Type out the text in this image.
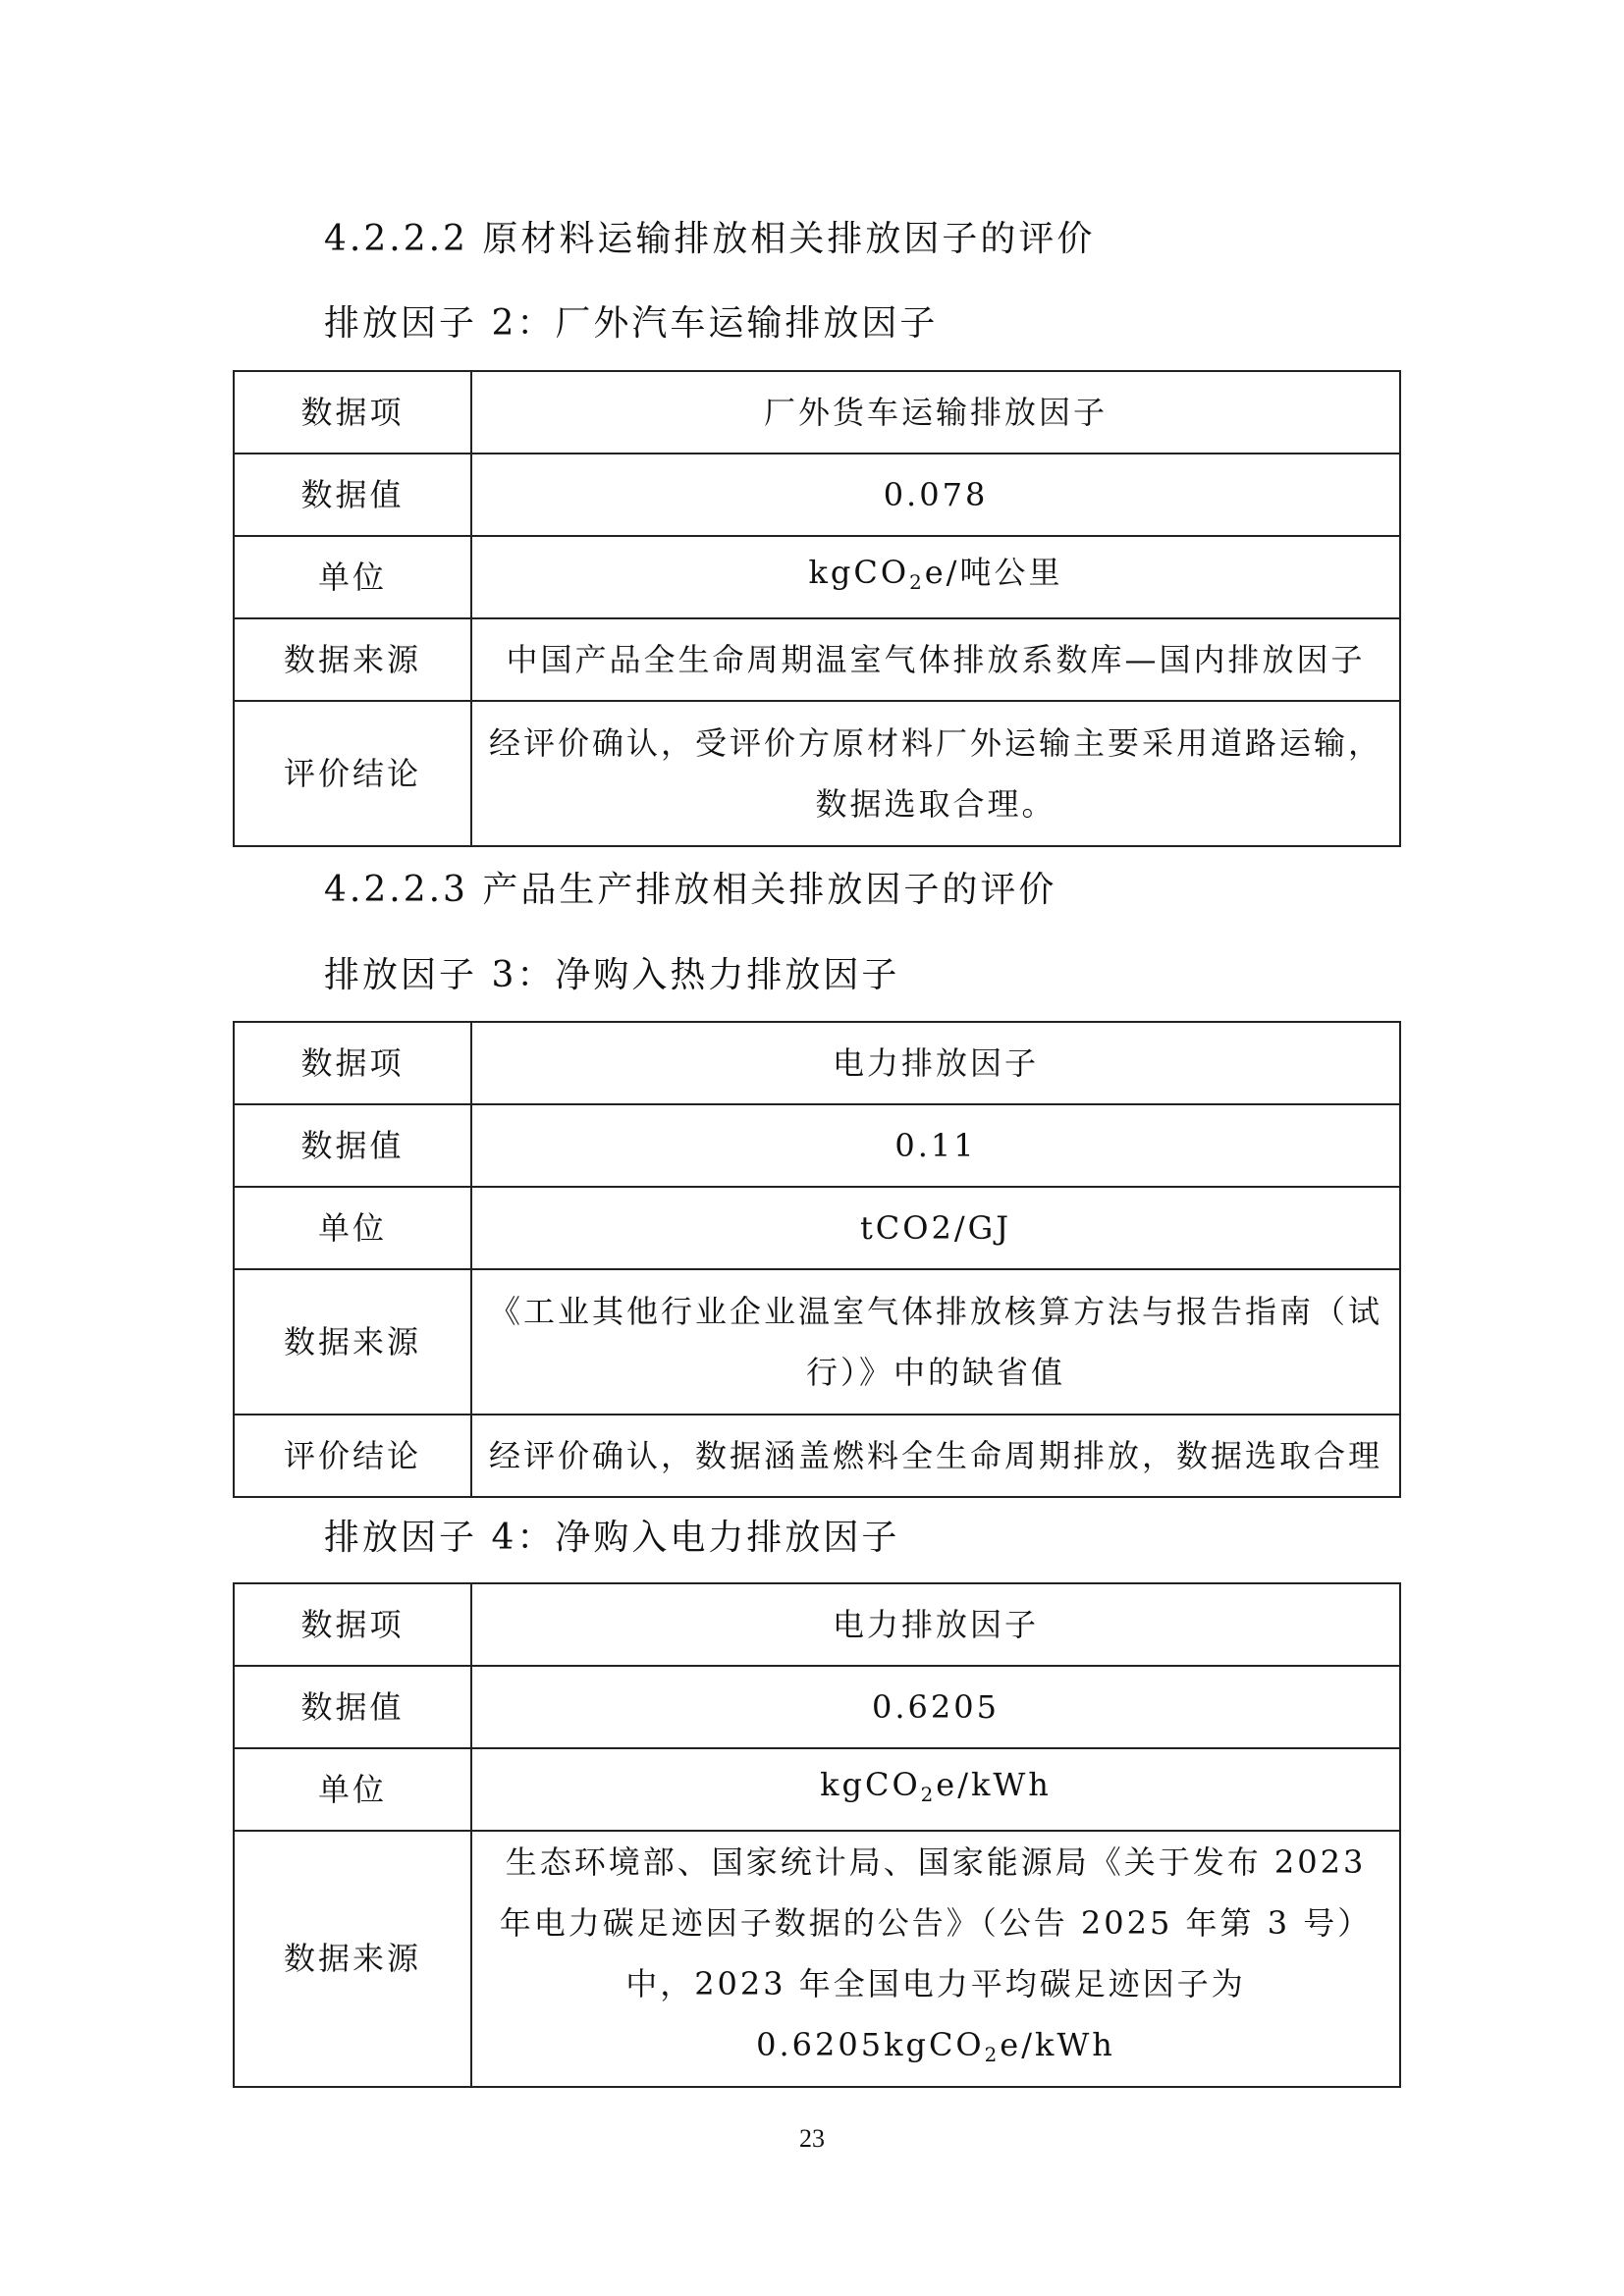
4.2.2.2 原材料运输排放相关排放因子的评价
排放因子 2：厂外汽车运输排放因子
数据项	厂外货车运输排放因子
数据值	0.078
单位	kgCO$_2$e/吨公里
数据来源	中国产品全生命周期温室气体排放系数库—国内排放因子
评价结论	经评价确认，受评价方原材料厂外运输主要采用道路运输，数据选取合理。
4.2.2.3 产品生产排放相关排放因子的评价
排放因子 3：净购入热力排放因子
数据项	电力排放因子
数据值	0.11
单位	tCO2/GJ
数据来源	《工业其他行业企业温室气体排放核算方法与报告指南（试行）》中的缺省值
评价结论	经评价确认，数据涵盖燃料全生命周期排放，数据选取合理
排放因子 4：净购入电力排放因子
数据项	电力排放因子
数据值	0.6205
单位	kgCO$_2$e/kWh
数据来源	生态环境部、国家统计局、国家能源局《关于发布 2023 年电力碳足迹因子数据的公告》（公告 2025 年第 3 号）中，2023 年全国电力平均碳足迹因子为 0.6205kgCO$_2$e/kWh
23
